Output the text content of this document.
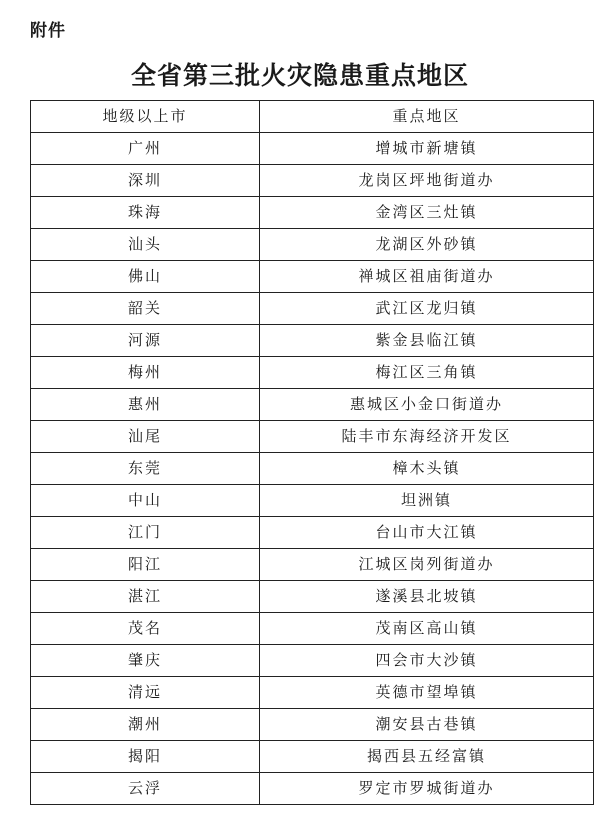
附件
全省第三批火灾隐患重点地区
地级以上市	重点地区
广州	增城市新塘镇
深圳	龙岗区坪地街道办
珠海	金湾区三灶镇
汕头	龙湖区外砂镇
佛山	禅城区祖庙街道办
韶关	武江区龙归镇
河源	紫金县临江镇
梅州	梅江区三角镇
惠州	惠城区小金口街道办
汕尾	陆丰市东海经济开发区
东莞	樟木头镇
中山	坦洲镇
江门	台山市大江镇
阳江	江城区岗列街道办
湛江	遂溪县北坡镇
茂名	茂南区高山镇
肇庆	四会市大沙镇
清远	英德市望埠镇
潮州	潮安县古巷镇
揭阳	揭西县五经富镇
云浮	罗定市罗城街道办
